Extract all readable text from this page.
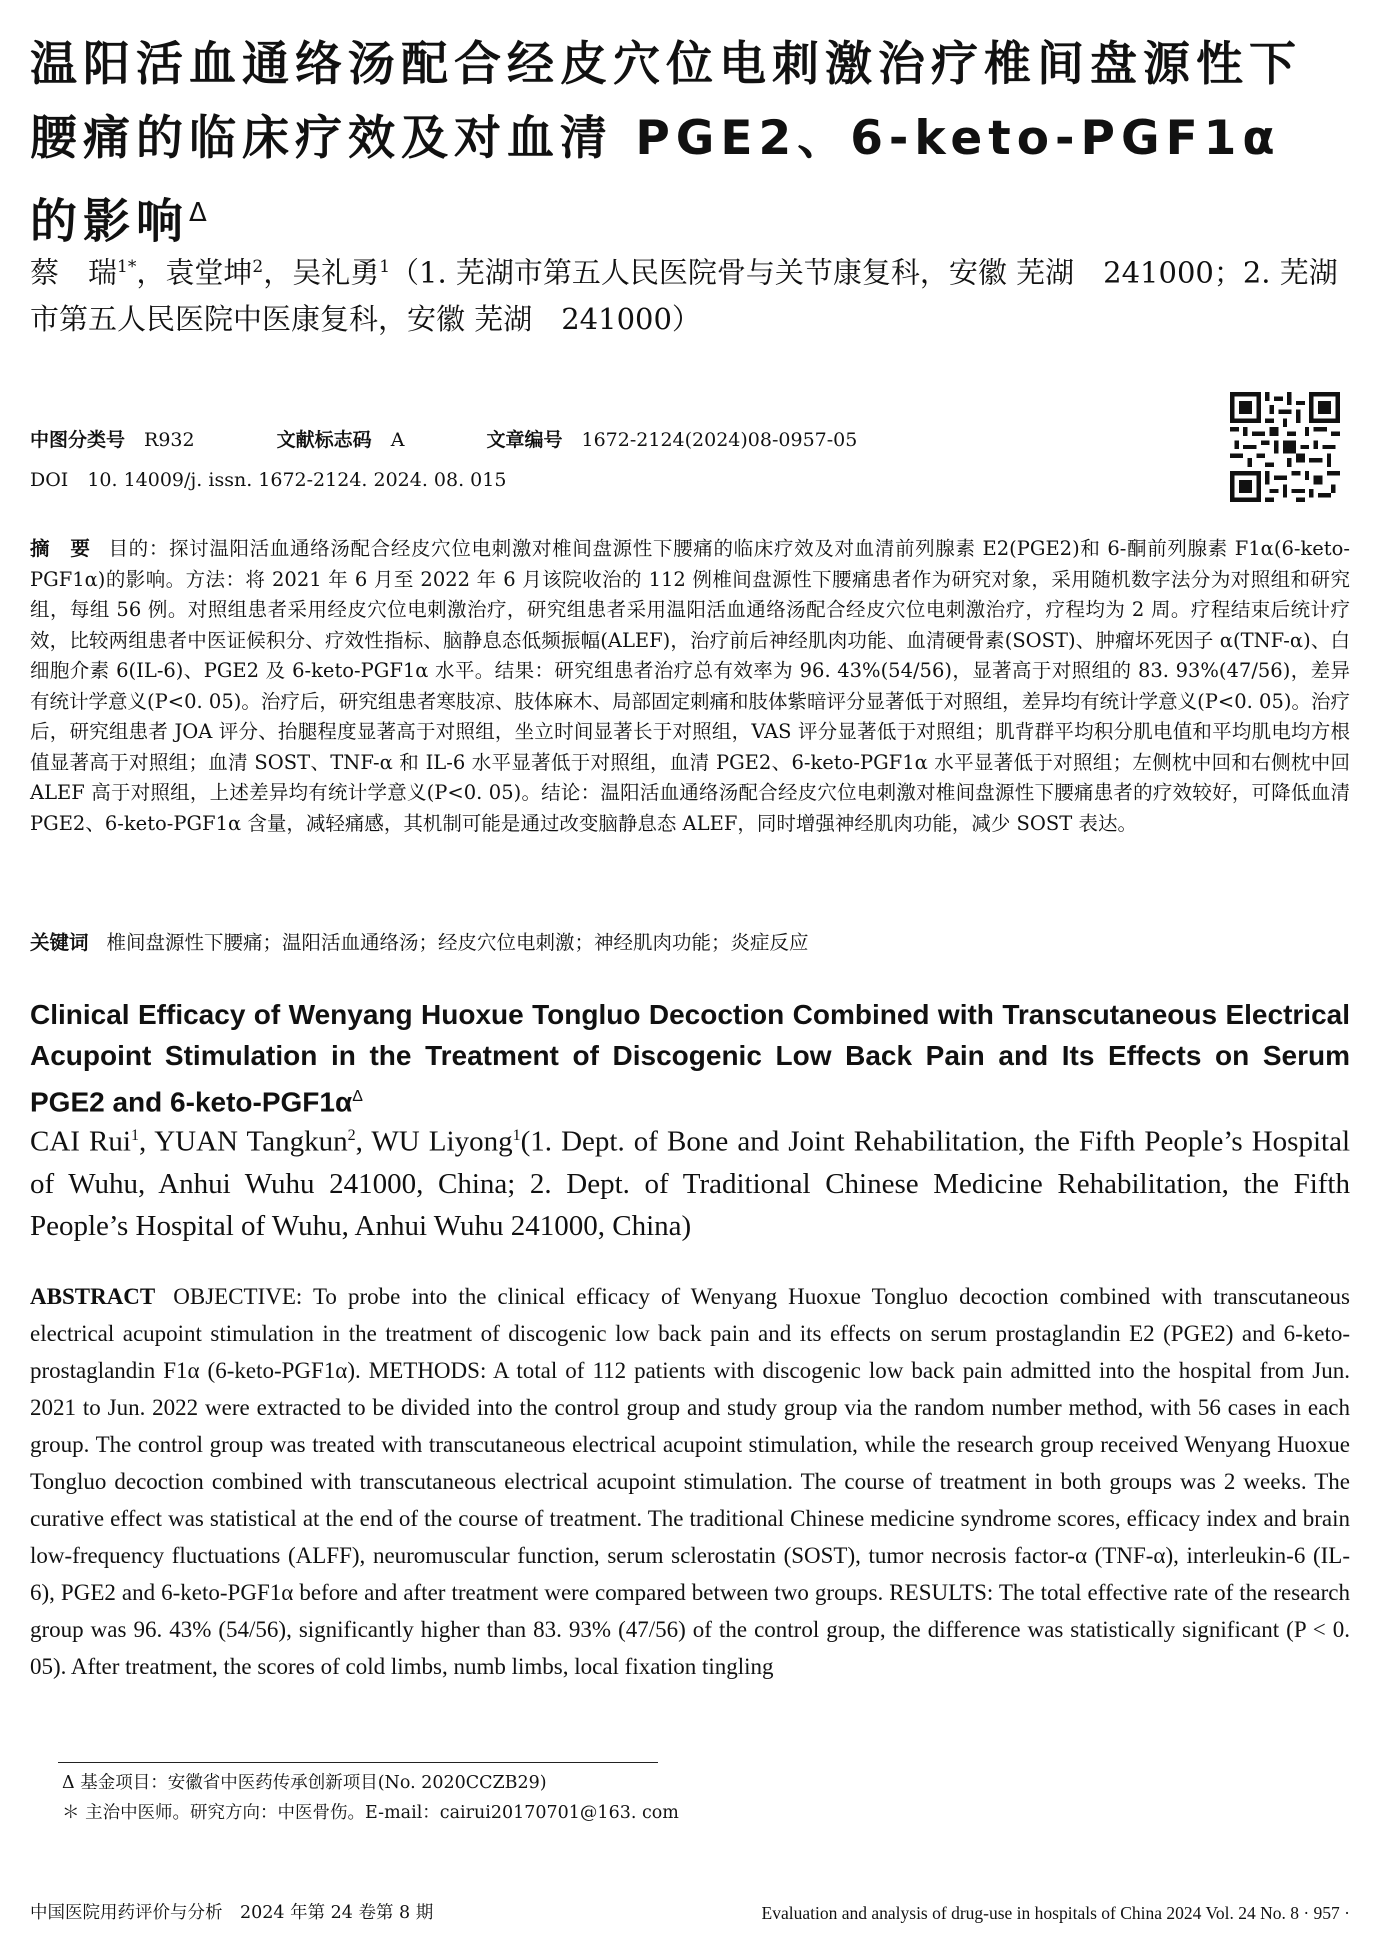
温阳活血通络汤配合经皮穴位电刺激治疗椎间盘源性下腰痛的临床疗效及对血清 PGE2、6-keto-PGF1α 的影响$^\Delta$
蔡　瑞$^{1*}$，袁堂坤$^2$，吴礼勇$^1$（1. 芜湖市第五人民医院骨与关节康复科，安徽 芜湖　241000；2. 芜湖市第五人民医院中医康复科，安徽 芜湖　241000）
中图分类号　 R932	文献标志码　 A	文章编号　 1672-2124(2024)08-0957-05
DOI　10. 14009/j. issn. 1672-2124. 2024. 08. 015
摘　要 目的：探讨温阳活血通络汤配合经皮穴位电刺激对椎间盘源性下腰痛的临床疗效及对血清前列腺素 E2(PGE2)和 6-酮前列腺素 F1α(6-keto-PGF1α)的影响。方法：将 2021 年 6 月至 2022 年 6 月该院收治的 112 例椎间盘源性下腰痛患者作为研究对象，采用随机数字法分为对照组和研究组，每组 56 例。对照组患者采用经皮穴位电刺激治疗，研究组患者采用温阳活血通络汤配合经皮穴位电刺激治疗，疗程均为 2 周。疗程结束后统计疗效，比较两组患者中医证候积分、疗效性指标、脑静息态低频振幅(ALEF)，治疗前后神经肌肉功能、血清硬骨素(SOST)、肿瘤坏死因子 α(TNF-α)、白细胞介素 6(IL-6)、PGE2 及 6-keto-PGF1α 水平。结果：研究组患者治疗总有效率为 96. 43%(54/56)，显著高于对照组的 83. 93%(47/56)，差异有统计学意义(P<0. 05)。治疗后，研究组患者寒肢凉、肢体麻木、局部固定刺痛和肢体紫暗评分显著低于对照组，差异均有统计学意义(P<0. 05)。治疗后，研究组患者 JOA 评分、抬腿程度显著高于对照组，坐立时间显著长于对照组，VAS 评分显著低于对照组；肌背群平均积分肌电值和平均肌电均方根值显著高于对照组；血清 SOST、TNF-α 和 IL-6 水平显著低于对照组，血清 PGE2、6-keto-PGF1α 水平显著低于对照组；左侧枕中回和右侧枕中回 ALEF 高于对照组，上述差异均有统计学意义(P<0. 05)。结论：温阳活血通络汤配合经皮穴位电刺激对椎间盘源性下腰痛患者的疗效较好，可降低血清 PGE2、6-keto-PGF1α 含量，减轻痛感，其机制可能是通过改变脑静息态 ALEF，同时增强神经肌肉功能，减少 SOST 表达。
关键词 椎间盘源性下腰痛；温阳活血通络汤；经皮穴位电刺激；神经肌肉功能；炎症反应
Clinical Efficacy of Wenyang Huoxue Tongluo Decoction Combined with Transcutaneous Electrical Acupoint Stimulation in the Treatment of Discogenic Low Back Pain and Its Effects on Serum PGE2 and $6-keto-PGF1\alpha^\Delta$
CAI Rui$^1$, YUAN Tangkun$^2$, WU Liyong$^1$(1. Dept. of Bone and Joint Rehabilitation, the Fifth People’s Hospital of Wuhu, Anhui Wuhu 241000, China; 2. Dept. of Traditional Chinese Medicine Rehabilitation, the Fifth People’s Hospital of Wuhu, Anhui Wuhu 241000, China)
ABSTRACT OBJECTIVE: To probe into the clinical efficacy of Wenyang Huoxue Tongluo decoction combined with transcutaneous electrical acupoint stimulation in the treatment of discogenic low back pain and its effects on serum prostaglandin E2 (PGE2) and 6-keto-prostaglandin F1α (6-keto-PGF1α). METHODS: A total of 112 patients with discogenic low back pain admitted into the hospital from Jun. 2021 to Jun. 2022 were extracted to be divided into the control group and study group via the random number method, with 56 cases in each group. The control group was treated with transcutaneous electrical acupoint stimulation, while the research group received Wenyang Huoxue Tongluo decoction combined with transcutaneous electrical acupoint stimulation. The course of treatment in both groups was 2 weeks. The curative effect was statistical at the end of the course of treatment. The traditional Chinese medicine syndrome scores, efficacy index and brain low-frequency fluctuations (ALFF), neuromuscular function, serum sclerostatin (SOST), tumor necrosis factor-α (TNF-α), interleukin-6 (IL-6), PGE2 and 6-keto-PGF1α before and after treatment were compared between two groups. RESULTS: The total effective rate of the research group was 96. 43% (54/56), significantly higher than 83. 93% (47/56) of the control group, the difference was statistically significant (P < 0. 05). After treatment, the scores of cold limbs, numb limbs, local fixation tingling
Δ 基金项目：安徽省中医药传承创新项目(No. 2020CCZB29)
＊ 主治中医师。研究方向：中医骨伤。E-mail：cairui20170701@163. com
中国医院用药评价与分析　2024 年第 24 卷第 8 期	Evaluation and analysis of drug-use in hospitals of China 2024 Vol. 24 No. 8 · 957 ·
